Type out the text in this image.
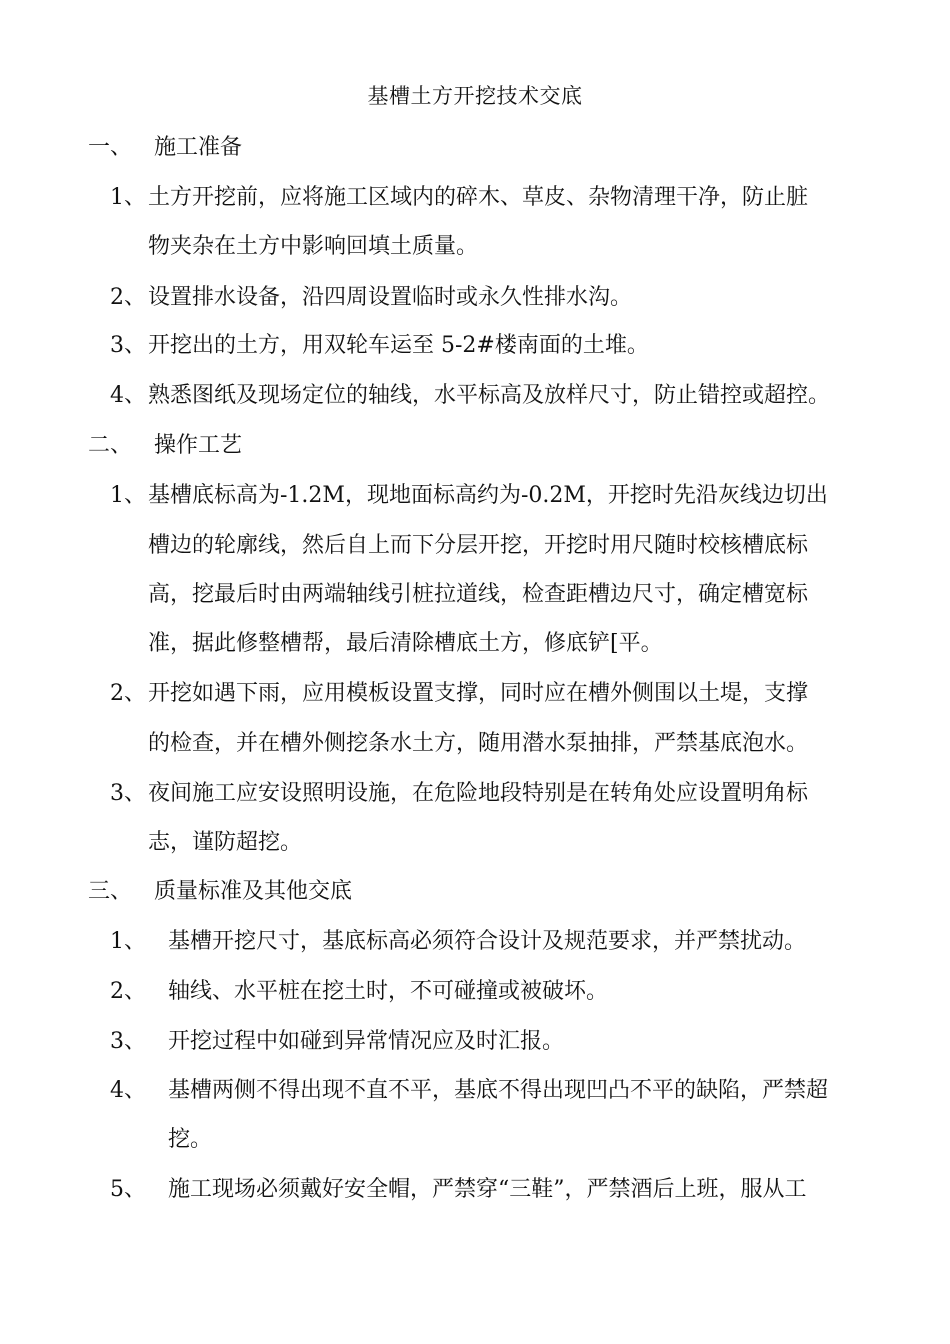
基槽土方开挖技术交底
一、 施工准备
1、 土方开挖前，应将施工区域内的碎木、草皮、杂物清理干净，防止脏
物夹杂在土方中影响回填土质量。
2、 设置排水设备，沿四周设置临时或永久性排水沟。
3、 开挖出的土方，用双轮车运至 5-2#楼南面的土堆。
4、 熟悉图纸及现场定位的轴线，水平标高及放样尺寸，防止错控或超控。
二、 操作工艺
1、 基槽底标高为-1.2M，现地面标高约为-0.2M，开挖时先沿灰线边切出
槽边的轮廓线，然后自上而下分层开挖，开挖时用尺随时校核槽底标
高，挖最后时由两端轴线引桩拉道线，检查距槽边尺寸，确定槽宽标
准，据此修整槽帮，最后清除槽底土方，修底铲[平。
2、 开挖如遇下雨，应用模板设置支撑，同时应在槽外侧围以土堤，支撑
的检查，并在槽外侧挖条水土方，随用潜水泵抽排，严禁基底泡水。
3、 夜间施工应安设照明设施，在危险地段特别是在转角处应设置明角标
志，谨防超挖。
三、 质量标准及其他交底
1、 基槽开挖尺寸，基底标高必须符合设计及规范要求，并严禁扰动。
2、 轴线、水平桩在挖土时，不可碰撞或被破坏。
3、 开挖过程中如碰到异常情况应及时汇报。
4、 基槽两侧不得出现不直不平，基底不得出现凹凸不平的缺陷，严禁超
挖。
5、 施工现场必须戴好安全帽，严禁穿“三鞋”，严禁酒后上班，服从工
